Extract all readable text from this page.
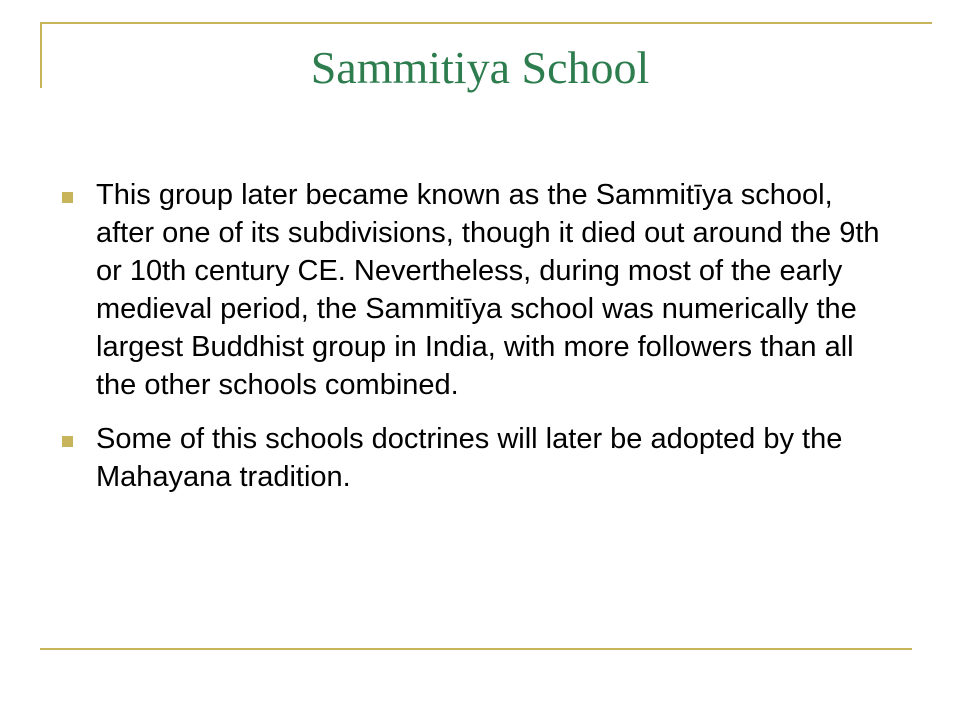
Sammitiya School
This group later became known as the Sammitīya school, after one of its subdivisions, though it died out around the 9th or 10th century CE. Nevertheless, during most of the early medieval period, the Sammitīya school was numerically the largest Buddhist group in India, with more followers than all the other schools combined.
Some of this schools doctrines will later be adopted by the Mahayana tradition.
